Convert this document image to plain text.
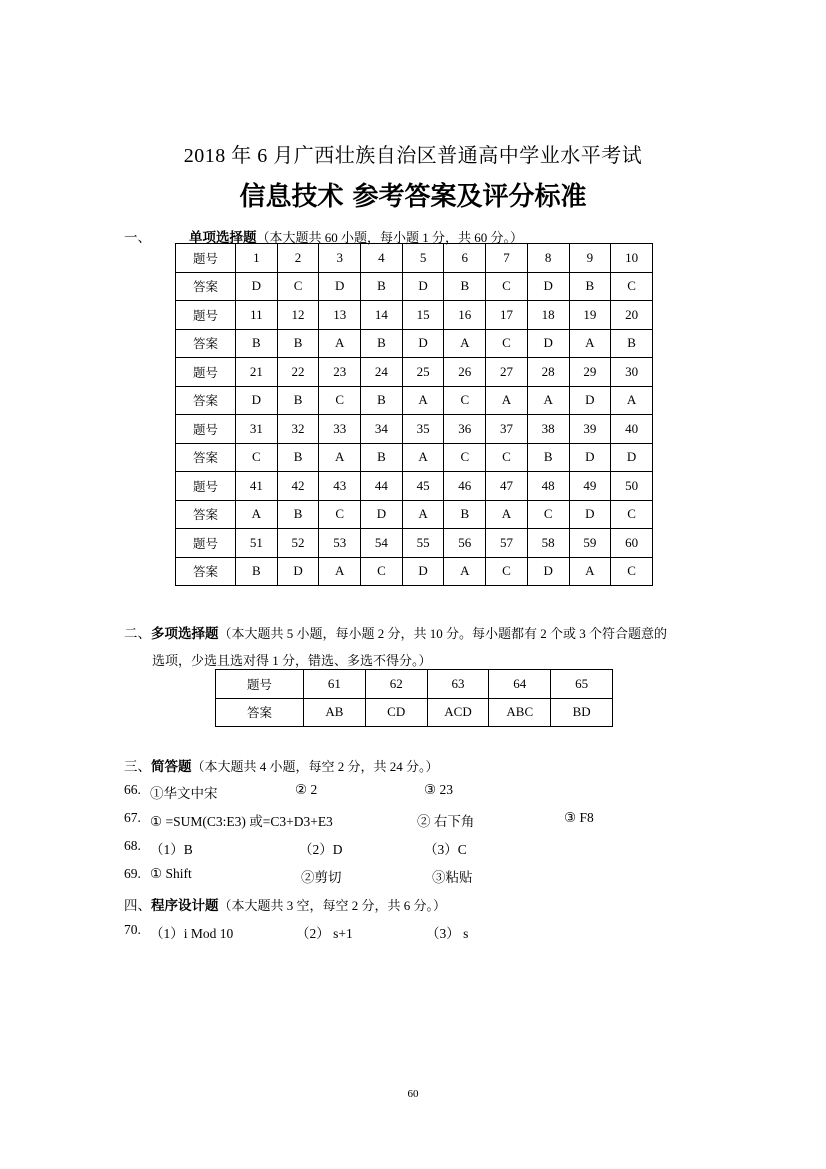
2018 年 6 月广西壮族自治区普通高中学业水平考试
信息技术 参考答案及评分标准
一、	单项选择题（本大题共 60 小题，每小题 1 分，共 60 分。）
题号	1	2	3	4	5	6	7	8	9	10
答案	D	C	D	B	D	B	C	D	B	C
题号	11	12	13	14	15	16	17	18	19	20
答案	B	B	A	B	D	A	C	D	A	B
题号	21	22	23	24	25	26	27	28	29	30
答案	D	B	C	B	A	C	A	A	D	A
题号	31	32	33	34	35	36	37	38	39	40
答案	C	B	A	B	A	C	C	B	D	D
题号	41	42	43	44	45	46	47	48	49	50
答案	A	B	C	D	A	B	A	C	D	C
题号	51	52	53	54	55	56	57	58	59	60
答案	B	D	A	C	D	A	C	D	A	C
二、多项选择题（本大题共 5 小题，每小题 2 分，共 10 分。每小题都有 2 个或 3 个符合题意的
选项，少选且选对得 1 分，错选、多选不得分。）
题号	61	62	63	64	65
答案	AB	CD	ACD	ABC	BD
三、简答题（本大题共 4 小题，每空 2 分，共 24 分。）
66. ①华文中宋	② 2	③ 23
67. ① =SUM(C3:E3) 或=C3+D3+E3	② 右下角	③ F8
68. （1）B	（2）D	（3）C
69. ① Shift	②剪切	③粘贴
四、程序设计题（本大题共 3 空，每空 2 分，共 6 分。）
70. （1）i Mod 10	（2） s+1	（3） s
60
